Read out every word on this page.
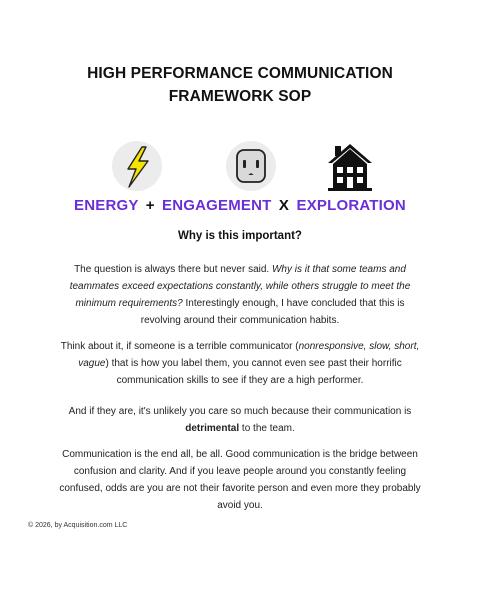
HIGH PERFORMANCE COMMUNICATION
FRAMEWORK SOP
ENERGY + ENGAGEMENT X EXPLORATION
Why is this important?
The question is always there but never said. Why is it that some teams and teammates exceed expectations constantly, while others struggle to meet the minimum requirements? Interestingly enough, I have concluded that this is revolving around their communication habits.
Think about it, if someone is a terrible communicator (nonresponsive, slow, short, vague) that is how you label them, you cannot even see past their horrific communication skills to see if they are a high performer.
And if they are, it's unlikely you care so much because their communication is detrimental to the team.
Communication is the end all, be all. Good communication is the bridge between confusion and clarity. And if you leave people around you constantly feeling confused, odds are you are not their favorite person and even more they probably avoid you.
© 2026, by Acquisition.com LLC
